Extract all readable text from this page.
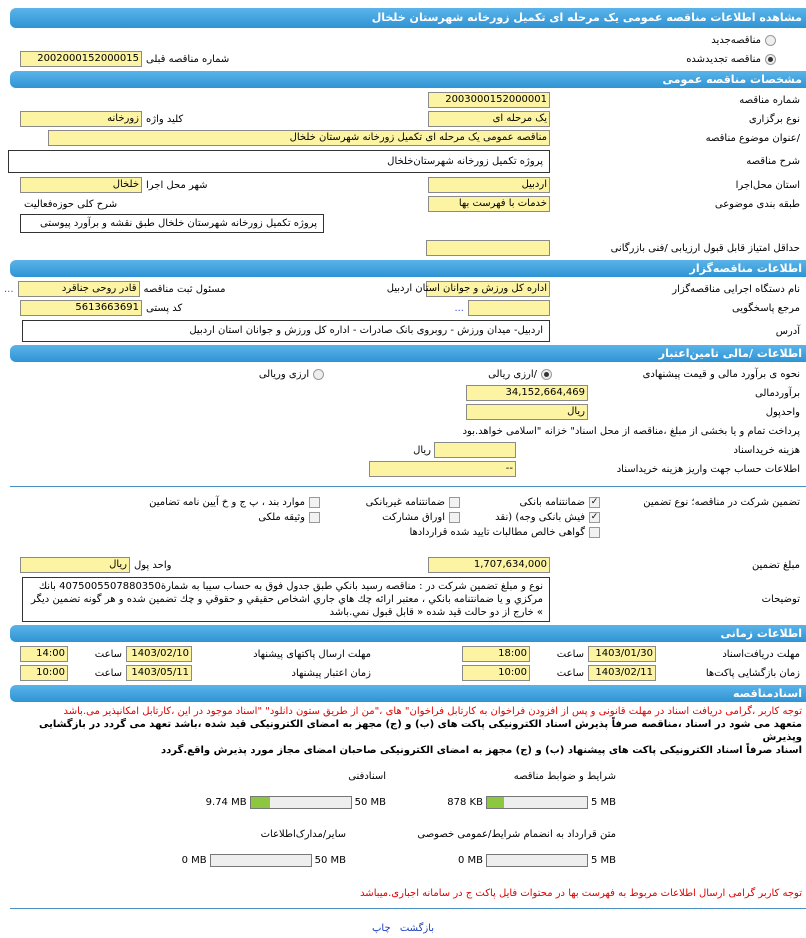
مشاهده اطلاعات مناقصه عمومی یک مرحله ای تکمیل زورخانه شهرستان خلخال
مناقصه‌جدید
مناقصه تجدیدشده
شماره مناقصه قبلی
2002000152000015
مشخصات مناقصه عمومی
شماره مناقصه
2003000152000001
نوع برگزاری
یک مرحله ای
کلید واژه
زورخانه
/عنوان موضوع مناقصه
مناقصه عمومی یک مرحله ای تکمیل زورخانه شهرستان خلخال
شرح مناقصه
پروژه تکمیل زورخانه شهرستان‌خلخال
استان محل‌اجرا
اردبیل
شهر محل اجرا
خلخال
طبقه بندی موضوعی
خدمات با فهرست بها
شرح کلی حوزه‌فعالیت
پروژه تکمیل زورخانه شهرستان خلخال طبق نقشه و برآورد پیوستی
حداقل امتیاز قابل قبول ارزیابی /فنی بازرگانی
اطلاعات مناقصه‌گزار
نام دستگاه اجرایی مناقصه‌گزار
اداره کل ورزش و جوانان استان اردبیل
مسئول ثبت مناقصه
قادر روحی جناقرد
...
مرجع پاسخگویی
...
کد پستی
5613663691
آدرس
اردبیل- میدان ورزش - روبروی بانک صادرات - اداره کل ورزش و جوانان استان اردبیل
اطلاعات /مالی تامین‌اعتبار
نحوه ی برآورد مالی و قیمت پیشنهادی
/ارزی ریالی
ارزی وریالی
برآوردمالی
34,152,664,469
واحدپول
ریال
پرداخت تمام و یا بخشی از مبلغ ،مناقصه از محل اسناد" خزانه "اسلامی خواهد.بود
هزینه خریداسناد
ریال
اطلاعات حساب جهت واریز هزینه خریداسناد
--
تضمین شرکت در مناقصه؛ نوع تضمین
✓
ضمانتنامه بانکی
ضمانتنامه غیربانکی
موارد بند ، پ ج و خ آیین نامه تضامین
✓
فیش بانکی وجه) (نقد
اوراق مشارکت
وثیقه ملکی
گواهی خالص مطالبات تایید شده قراردادها
مبلغ تضمین
1,707,634,000
واحد پول
ریال
توضیحات
نوع و مبلغ تضمین شرکت در : مناقصه رسید بانکي طبق جدول فوق به حساب سيبا به شمارة4075005507880350 بانك مركزي و يا ضمانتنامه بانكي ، معتبر ارائه چك هاي جاري اشخاص حقيقي و حقوقي و چك تضمين شده و هر گونه تضمين ديگر » خارج از دو حالت قيد شده « قابل قبول نمي.باشد
اطلاعات زمانی
مهلت دریافت‌اسناد
1403/01/30
ساعت
18:00
مهلت ارسال پاکتهای پیشنهاد
1403/02/10
ساعت
14:00
زمان بازگشایی پاکت‌ها
1403/02/11
ساعت
10:00
زمان اعتبار پیشنهاد
1403/05/11
ساعت
10:00
اسنادمناقصه
توجه کاربر ،گرامی دریافت اسناد در مهلت قانونی و پس از افزودن فراخوان به کارتابل فراخوان" های ،"من از طریق ستون دانلود" "اسناد موجود در این ،کارتابل امکانپذیر می.باشد
متعهد می شود در اسناد ،مناقصه صرفاً پذیرش اسناد الکترونیکی پاکت های (ب) و (ج) مجهز به امضای الکترونیکی قید شده ،باشد تعهد می گردد در بازگشایی وپذیرش
اسناد صرفاً اسناد الکترونیکی پاکت های پیشنهاد (ب) و (ج) مجهز به امضای الکترونیکی صاحبان امضای مجاز مورد پذیرش واقع.گردد
شرایط و ضوابط مناقصه
878 KB	5 MB
اسنادفنی
9.74 MB	50 MB
متن قرارداد به انضمام شرایط/عمومی خصوصی
0 MB	5 MB
سایر/مدارک‌اطلاعات
0 MB	50 MB
توجه کاربر گرامی ارسال اطلاعات مربوط به فهرست بها در محتوات فایل پاکت ج در سامانه اجباری.میباشد
بازگشت چاپ
